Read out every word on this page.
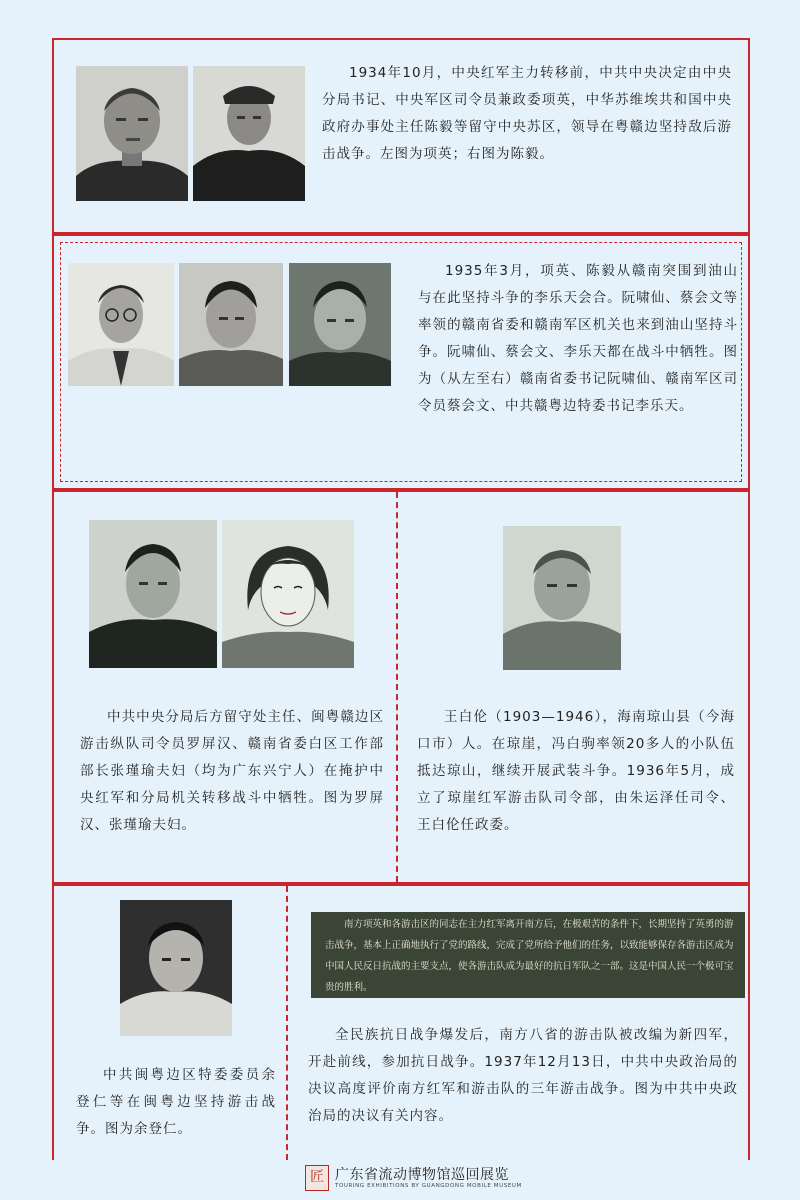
1934年10月，中央红军主力转移前，中共中央决定由中央分局书记、中央军区司令员兼政委项英，中华苏维埃共和国中央政府办事处主任陈毅等留守中央苏区，领导在粤赣边坚持敌后游击战争。左图为项英；右图为陈毅。

1935年3月，项英、陈毅从赣南突围到油山与在此坚持斗争的李乐天会合。阮啸仙、蔡会文等率领的赣南省委和赣南军区机关也来到油山坚持斗争。阮啸仙、蔡会文、李乐天都在战斗中牺牲。图为（从左至右）赣南省委书记阮啸仙、赣南军区司令员蔡会文、中共赣粤边特委书记李乐天。

中共中央分局后方留守处主任、闽粤赣边区游击纵队司令员罗屏汉、赣南省委白区工作部部长张瑾瑜夫妇（均为广东兴宁人）在掩护中央红军和分局机关转移战斗中牺牲。图为罗屏汉、张瑾瑜夫妇。

王白伦（1903—1946），海南琼山县（今海口市）人。在琼崖，冯白驹率领20多人的小队伍抵达琼山，继续开展武装斗争。1936年5月，成立了琼崖红军游击队司令部，由朱运泽任司令、王白伦任政委。

中共闽粤边区特委委员余登仁等在闽粤边坚持游击战争。图为余登仁。

南方项英和各游击区的同志在主力红军离开南方后，在极艰苦的条件下，长期坚持了英勇的游击战争，基本上正确地执行了党的路线，完成了党所给予他们的任务，以致能够保存各游击区成为中国人民反日抗战的主要支点，使各游击队成为最好的抗日军队之一部。这是中国人民一个极可宝贵的胜利。

全民族抗日战争爆发后，南方八省的游击队被改编为新四军，开赴前线，参加抗日战争。1937年12月13日，中共中央政治局的决议高度评价南方红军和游击队的三年游击战争。图为中共中央政治局的决议有关内容。

匠 广东省流动博物馆巡回展览
TOURING EXHIBITIONS BY GUANGDONG MOBILE MUSEUM
